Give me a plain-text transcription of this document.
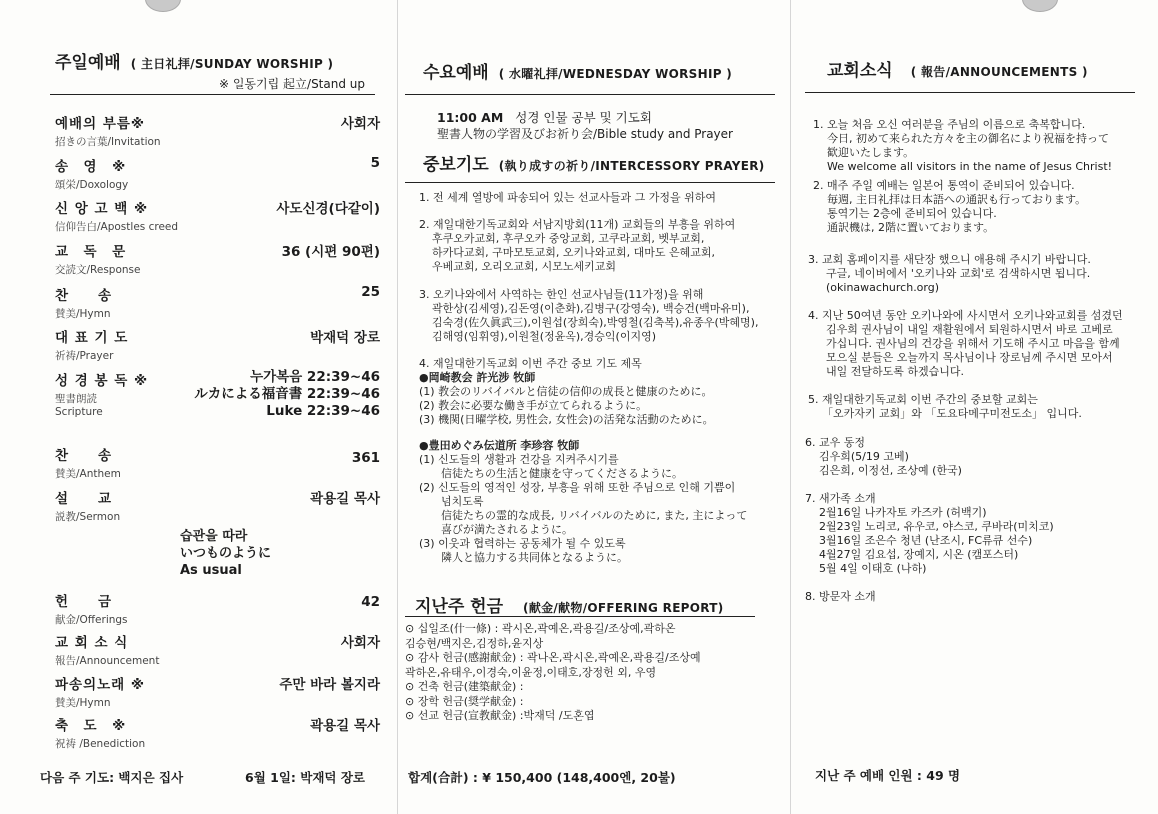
주일예배 ( 主日礼拝/SUNDAY WORSHIP )
※ 일동기립 起立/Stand up
예배의 부름※
招きの言葉/Invitation
사회자
송　영　※
頌栄/Doxology
5
신 앙 고 백 ※
信仰告白/Apostles creed
사도신경(다같이)
교　독　문
交読文/Response
36 (시편 90편)
찬　　송
賛美/Hymn
25
대 표 기 도
祈祷/Prayer
박재덕 장로
성 경 봉 독 ※
聖書朗読
Scripture
누가복음 22:39~46
ルカによる福音書 22:39~46
Luke 22:39~46
찬　　송
賛美/Anthem
361
설　　교
説教/Sermon
곽용길 목사
습관을 따라
いつものように
As usual
헌　　금
献金/Offerings
42
교 회 소 식
報告/Announcement
사회자
파송의노래 ※
賛美/Hymn
주만 바라 볼지라
축　도　※
祝祷 /Benediction
곽용길 목사
다음 주 기도: 백지은 집사	6월 1일: 박재덕 장로
수요예배 ( 水曜礼拝/WEDNESDAY WORSHIP )
11:00 AM 성경 인물 공부 및 기도회
聖書人物の学習及びお祈り会/Bible study and Prayer
중보기도 (執り成すの祈り/INTERCESSORY PRAYER)
1. 전 세계 열방에 파송되어 있는 선교사들과 그 가정을 위하여
2. 재일대한기독교회와 서남지방회(11개) 교회들의 부흥을 위하여
후쿠오카교회, 후쿠오카 중앙교회, 고쿠라교회, 벳부교회,
하카다교회, 구마모토교회, 오키나와교회, 대마도 은혜교회,
우베교회, 오리오교회, 시모노세키교회
3. 오키나와에서 사역하는 한인 선교사님들(11가정)을 위해
곽한상(김세영),김돈영(이춘화),김병구(강영숙), 백승건(백마유미),
김숙경(佐久眞武三),이원섭(장희숙),박영철(김축복),유종우(박혜명),
김해영(임휘영),이원철(정윤옥),경승익(이지영)
4. 재일대한기독교회 이번 주간 중보 기도 제목
●岡崎教会 許光涉 牧師
(1) 教会のリバイバルと信徒の信仰の成長と健康のために。
(2) 教会に必要な働き手が立てられるように。
(3) 機関(日曜学校, 男性会, 女性会)の活発な活動のために。
●豊田めぐみ伝道所 李珍容 牧師
(1) 신도들의 생활과 건강을 지켜주시기를
信徒たちの生活と健康を守ってくださるように。
(2) 신도들의 영적인 성장, 부흥을 위해 또한 주님으로 인해 기쁨이
넘치도록
信徒たちの霊的な成長, リバイバルのために, また, 主によって
喜びが満たされるように。
(3) 이웃과 협력하는 공동체가 될 수 있도록
隣人と協力する共同体となるように。
지난주 헌금 (献金/献物/OFFERING REPORT)
⊙ 십일조(什一條) : 곽시온,곽예온,곽용길/조상예,곽하온
김승현/백지은,김정하,윤지상
⊙ 감사 헌금(感謝献金) : 곽나온,곽시온,곽예온,곽용길/조상예
곽하온,유태우,이경숙,이윤정,이태호,장정헌 외, 우영
⊙ 건축 헌금(建築献金) :
⊙ 장학 헌금(奨学献金) :
⊙ 선교 헌금(宣教献金) :박재덕 /도혼엽
합계(合計) : ¥ 150,400 (148,400엔, 20불)
교회소식 ( 報告/ANNOUNCEMENTS )
1. 오늘 처음 오신 여러분을 주님의 이름으로 축복합니다.
今日, 初めて来られた方々を主の御名により祝福を持って
歓迎いたします。
We welcome all visitors in the name of Jesus Christ!
2. 매주 주일 예배는 일본어 통역이 준비되어 있습니다.
毎週, 主日礼拝は日本語への通訳も行っております。
통역기는 2층에 준비되어 있습니다.
通訳機は, 2階に置いております。
3. 교회 홈페이지를 새단장 했으니 애용해 주시기 바랍니다.
구글, 네이버에서 '오키나와 교회'로 검색하시면 됩니다.
(okinawachurch.org)
4. 지난 50여년 동안 오키나와에 사시면서 오키나와교회를 섬겼던
김우희 권사님이 내일 재활원에서 퇴원하시면서 바로 고베로
가십니다. 권사님의 건강을 위해서 기도해 주시고 마음을 함께
모으실 분들은 오늘까지 목사님이나 장로님께 주시면 모아서
내일 전달하도록 하겠습니다.
5. 재일대한기독교회 이번 주간의 중보할 교회는
「오카자키 교회」와 「도요타메구미전도소」 입니다.
6. 교우 동정
김우희(5/19 고베)
김은희, 이정선, 조상예 (한국)
7. 새가족 소개
2월16일 나카자토 카즈카 (허백기)
2월23일 노리코, 유우코, 야스코, 쿠바라(미치코)
3월16일 조은수 청년 (난조시, FC류큐 선수)
4월27일 김요섭, 장예지, 시온 (캠포스터)
5월 4일 이태호 (나하)
8. 방문자 소개
지난 주 예배 인원 : 49 명
